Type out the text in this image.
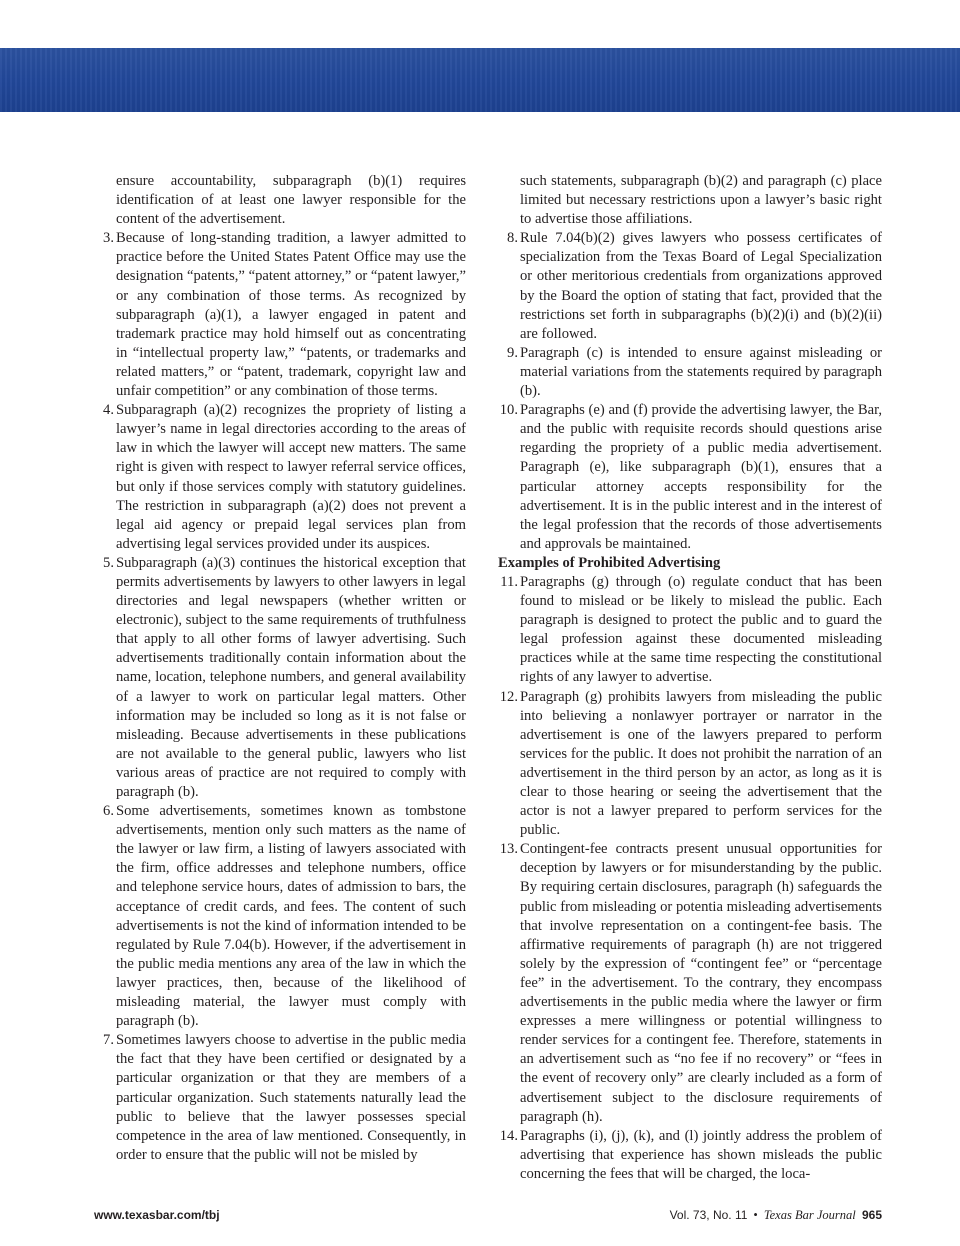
ensure accountability, subparagraph (b)(1) requires identification of at least one lawyer responsible for the content of the advertisement.

3. Because of long-standing tradition, a lawyer admitted to practice before the United States Patent Office may use the designation “patents,” “patent attorney,” or “patent lawyer,” or any combination of those terms. As recognized by subparagraph (a)(1), a lawyer engaged in patent and trademark practice may hold himself out as concentrating in “intellectual property law,” “patents, or trademarks and related matters,” or “patent, trademark, copyright law and unfair competition” or any combination of those terms.

4. Subparagraph (a)(2) recognizes the propriety of listing a lawyer’s name in legal directories according to the areas of law in which the lawyer will accept new matters. The same right is given with respect to lawyer referral service offices, but only if those services comply with statutory guidelines. The restriction in subparagraph (a)(2) does not prevent a legal aid agency or prepaid legal services plan from advertising legal services provided under its auspices.

5. Subparagraph (a)(3) continues the historical exception that permits advertisements by lawyers to other lawyers in legal directories and legal newspapers (whether written or electronic), subject to the same requirements of truthfulness that apply to all other forms of lawyer advertising. Such advertisements traditionally contain information about the name, location, telephone numbers, and general availability of a lawyer to work on particular legal matters. Other information may be included so long as it is not false or misleading. Because advertisements in these publications are not available to the general public, lawyers who list various areas of practice are not required to comply with paragraph (b).

6. Some advertisements, sometimes known as tombstone advertisements, mention only such matters as the name of the lawyer or law firm, a listing of lawyers associated with the firm, office addresses and telephone numbers, office and telephone service hours, dates of admission to bars, the acceptance of credit cards, and fees. The content of such advertisements is not the kind of information intended to be regulated by Rule 7.04(b). However, if the advertisement in the public media mentions any area of the law in which the lawyer practices, then, because of the likelihood of misleading material, the lawyer must comply with paragraph (b).

7. Sometimes lawyers choose to advertise in the public media the fact that they have been certified or designated by a particular organization or that they are members of a particular organization. Such statements naturally lead the public to believe that the lawyer possesses special competence in the area of law mentioned. Consequently, in order to ensure that the public will not be misled by

such statements, subparagraph (b)(2) and paragraph (c) place limited but necessary restrictions upon a lawyer’s basic right to advertise those affiliations.

8. Rule 7.04(b)(2) gives lawyers who possess certificates of specialization from the Texas Board of Legal Specialization or other meritorious credentials from organizations approved by the Board the option of stating that fact, provided that the restrictions set forth in subparagraphs (b)(2)(i) and (b)(2)(ii) are followed.

9. Paragraph (c) is intended to ensure against misleading or material variations from the statements required by paragraph (b).

10. Paragraphs (e) and (f) provide the advertising lawyer, the Bar, and the public with requisite records should questions arise regarding the propriety of a public media advertisement. Paragraph (e), like subparagraph (b)(1), ensures that a particular attorney accepts responsibility for the advertisement. It is in the public interest and in the interest of the legal profession that the records of those advertisements and approvals be maintained.

Examples of Prohibited Advertising

11. Paragraphs (g) through (o) regulate conduct that has been found to mislead or be likely to mislead the public. Each paragraph is designed to protect the public and to guard the legal profession against these documented misleading practices while at the same time respecting the constitutional rights of any lawyer to advertise.

12. Paragraph (g) prohibits lawyers from misleading the public into believing a nonlawyer portrayer or narrator in the advertisement is one of the lawyers prepared to perform services for the public. It does not prohibit the narration of an advertisement in the third person by an actor, as long as it is clear to those hearing or seeing the advertisement that the actor is not a lawyer prepared to perform services for the public.

13. Contingent-fee contracts present unusual opportunities for deception by lawyers or for misunderstanding by the public. By requiring certain disclosures, paragraph (h) safeguards the public from misleading or potentia misleading advertisements that involve representation on a contingent-fee basis. The affirmative requirements of paragraph (h) are not triggered solely by the expression of “contingent fee” or “percentage fee” in the advertisement. To the contrary, they encompass advertisements in the public media where the lawyer or firm expresses a mere willingness or potential willingness to render services for a contingent fee. Therefore, statements in an advertisement such as “no fee if no recovery” or “fees in the event of recovery only” are clearly included as a form of advertisement subject to the disclosure requirements of paragraph (h).

14. Paragraphs (i), (j), (k), and (l) jointly address the problem of advertising that experience has shown misleads the public concerning the fees that will be charged, the loca-

www.texasbar.com/tbj	Vol. 73, No. 11 • Texas Bar Journal 965
